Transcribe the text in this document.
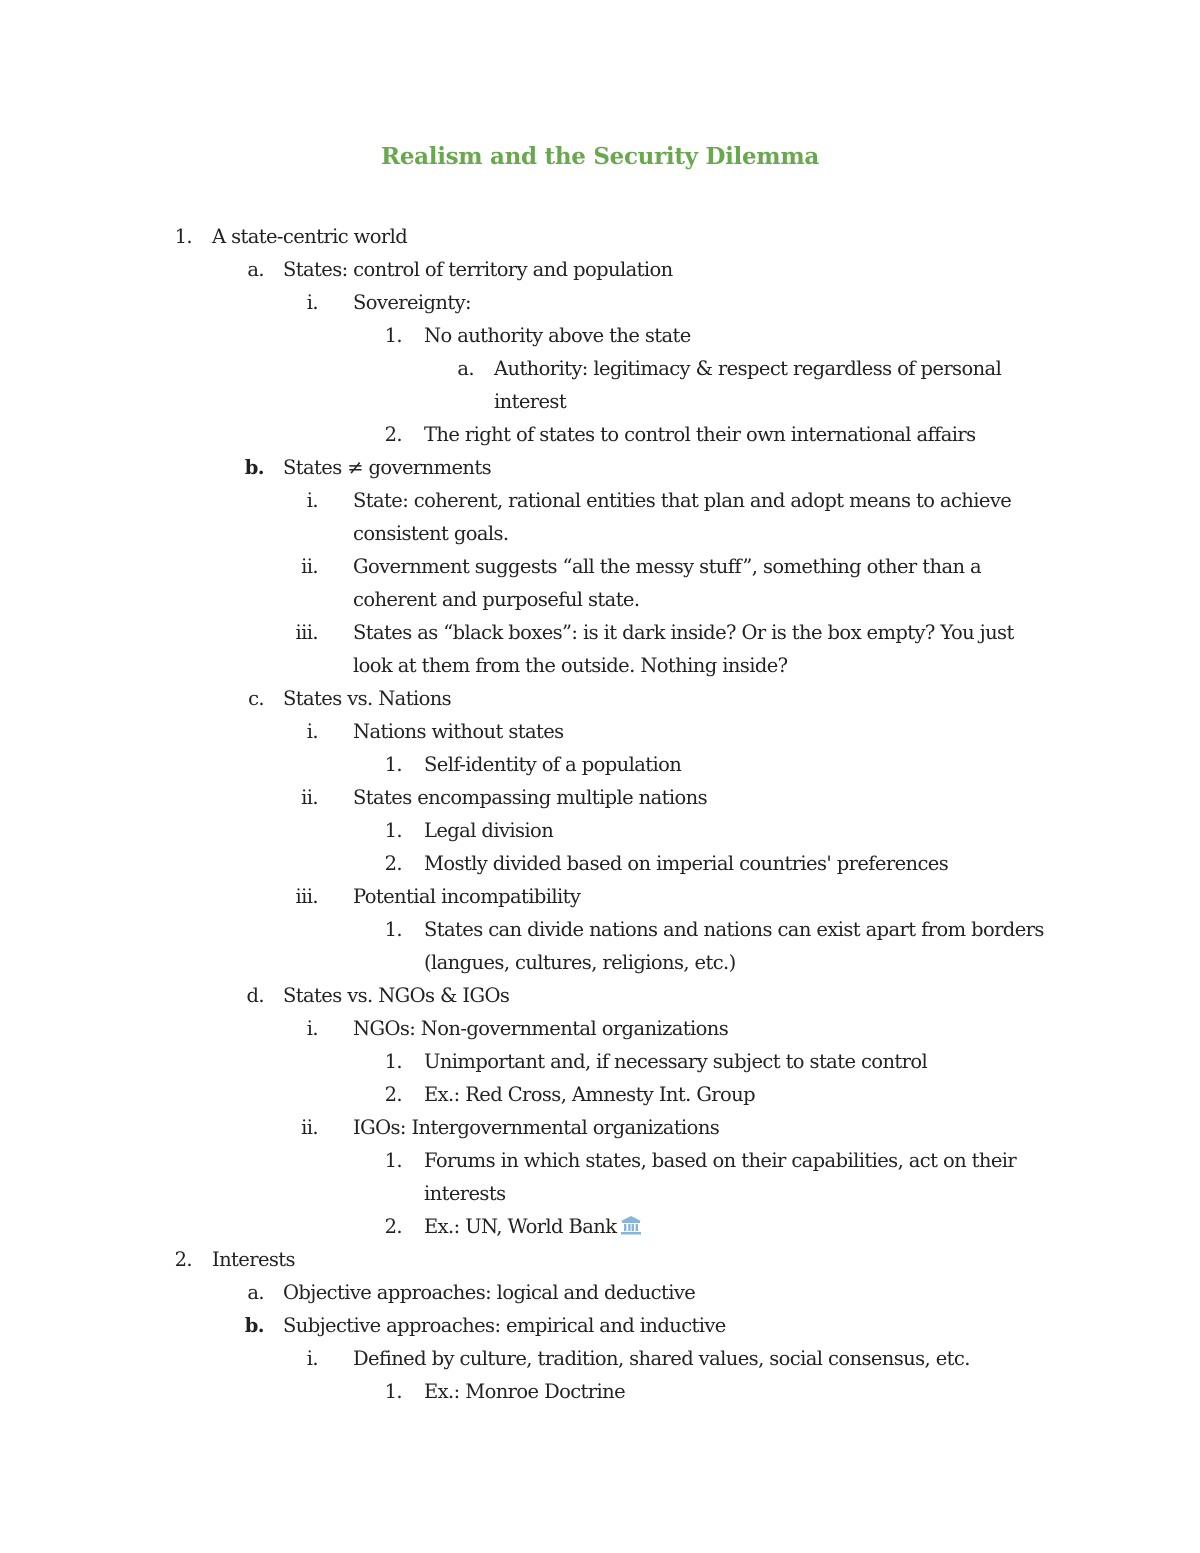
Realism and the Security Dilemma
1. A state-centric world
a. States: control of territory and population
i. Sovereignty:
1. No authority above the state
a. Authority: legitimacy & respect regardless of personal interest
2. The right of states to control their own international affairs
b. States ≠ governments
i. State: coherent, rational entities that plan and adopt means to achieve consistent goals.
ii. Government suggests “all the messy stuff”, something other than a coherent and purposeful state.
iii. States as “black boxes”: is it dark inside? Or is the box empty? You just look at them from the outside. Nothing inside?
c. States vs. Nations
i. Nations without states
1. Self-identity of a population
ii. States encompassing multiple nations
1. Legal division
2. Mostly divided based on imperial countries' preferences
iii. Potential incompatibility
1. States can divide nations and nations can exist apart from borders (langues, cultures, religions, etc.)
d. States vs. NGOs & IGOs
i. NGOs: Non-governmental organizations
1. Unimportant and, if necessary subject to state control
2. Ex.: Red Cross, Amnesty Int. Group
ii. IGOs: Intergovernmental organizations
1. Forums in which states, based on their capabilities, act on their interests
2. Ex.: UN, World Bank
2. Interests
a. Objective approaches: logical and deductive
b. Subjective approaches: empirical and inductive
i. Defined by culture, tradition, shared values, social consensus, etc.
1. Ex.: Monroe Doctrine
